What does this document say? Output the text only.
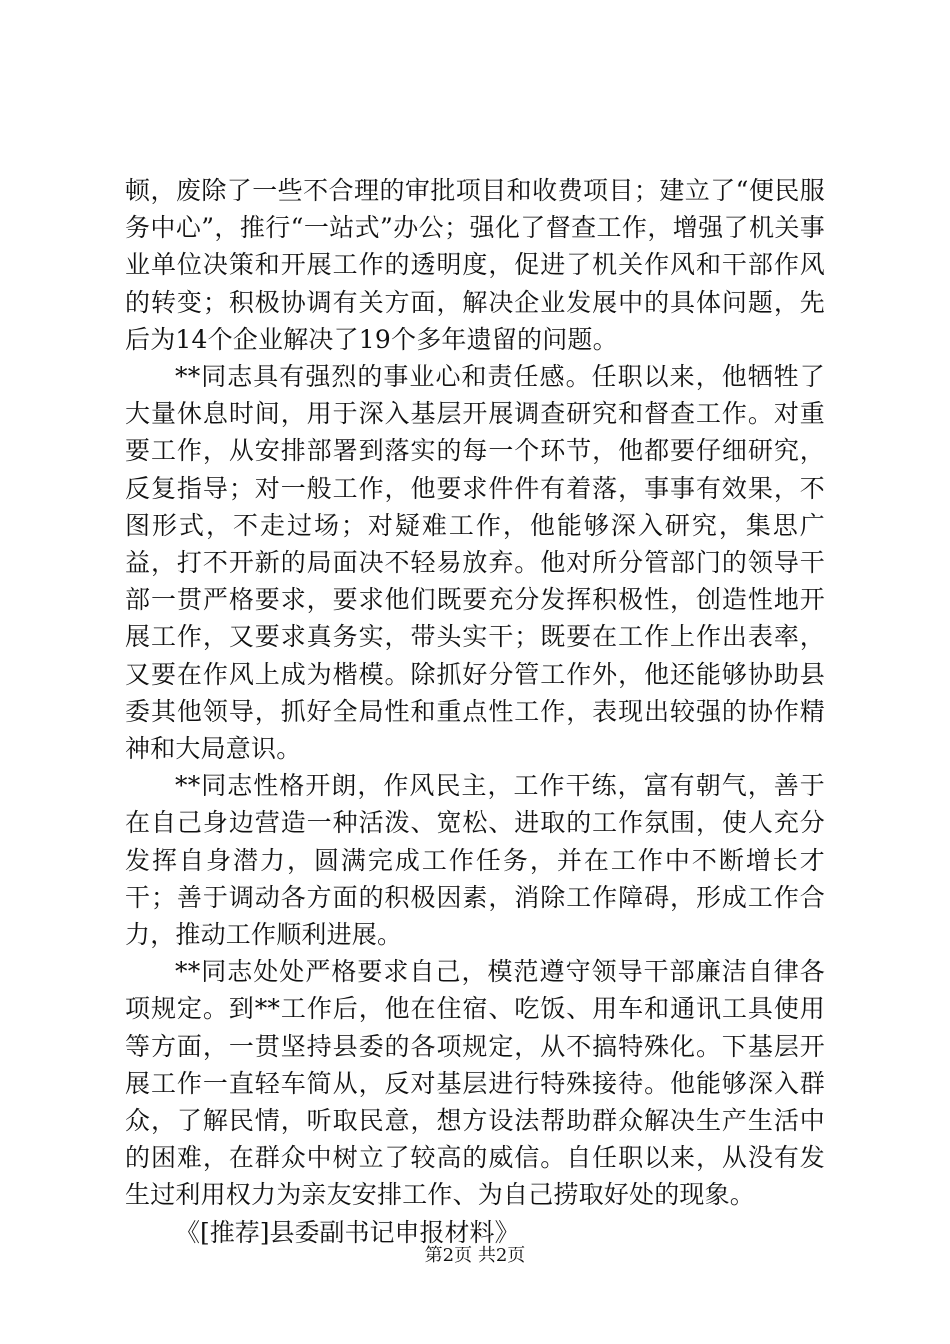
顿，废除了一些不合理的审批项目和收费项目；建立了“便民服务中心”，推行“一站式”办公；强化了督查工作，增强了机关事业单位决策和开展工作的透明度，促进了机关作风和干部作风的转变；积极协调有关方面，解决企业发展中的具体问题，先后为14个企业解决了19个多年遗留的问题。

**同志具有强烈的事业心和责任感。任职以来，他牺牲了大量休息时间，用于深入基层开展调查研究和督查工作。对重要工作，从安排部署到落实的每一个环节，他都要仔细研究，反复指导；对一般工作，他要求件件有着落，事事有效果，不图形式，不走过场；对疑难工作，他能够深入研究，集思广益，打不开新的局面决不轻易放弃。他对所分管部门的领导干部一贯严格要求，要求他们既要充分发挥积极性，创造性地开展工作，又要求真务实，带头实干；既要在工作上作出表率，又要在作风上成为楷模。除抓好分管工作外，他还能够协助县委其他领导，抓好全局性和重点性工作，表现出较强的协作精神和大局意识。

**同志性格开朗，作风民主，工作干练，富有朝气，善于在自己身边营造一种活泼、宽松、进取的工作氛围，使人充分发挥自身潜力，圆满完成工作任务，并在工作中不断增长才干；善于调动各方面的积极因素，消除工作障碍，形成工作合力，推动工作顺利进展。

**同志处处严格要求自己，模范遵守领导干部廉洁自律各项规定。到**工作后，他在住宿、吃饭、用车和通讯工具使用等方面，一贯坚持县委的各项规定，从不搞特殊化。下基层开展工作一直轻车简从，反对基层进行特殊接待。他能够深入群众，了解民情，听取民意，想方设法帮助群众解决生产生活中的困难，在群众中树立了较高的威信。自任职以来，从没有发生过利用权力为亲友安排工作、为自己捞取好处的现象。

《[推荐]县委副书记申报材料》

第2页 共2页
